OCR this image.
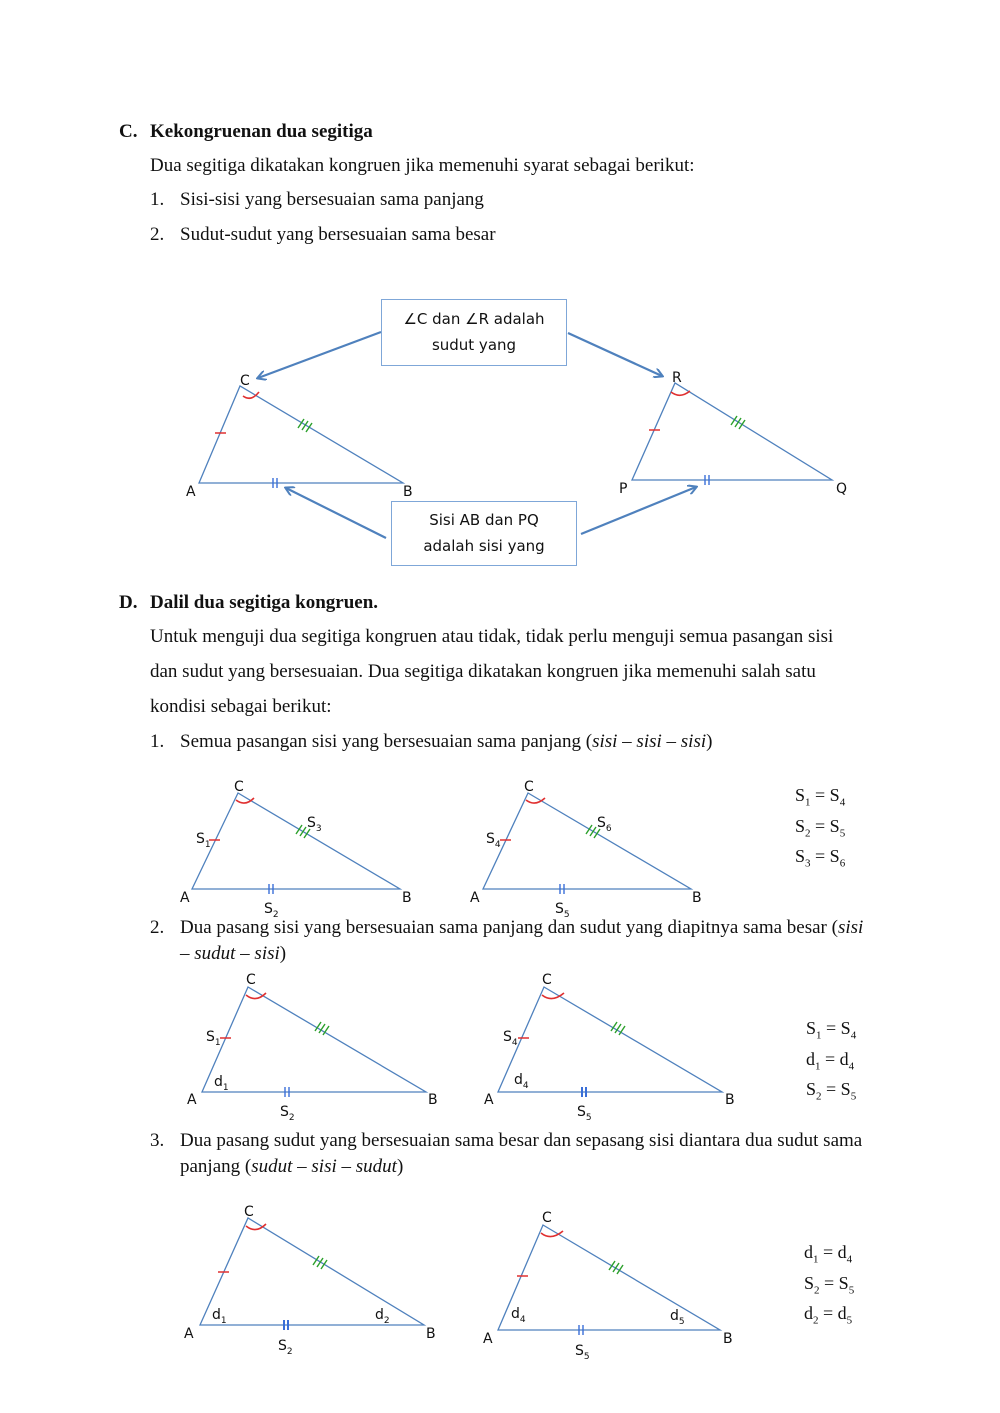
C. Kekongruenan dua segitiga
Dua segitiga dikatakan kongruen jika memenuhi syarat sebagai berikut:
1. Sisi-sisi yang bersesuaian sama panjang
2. Sudut-sudut yang bersesuaian sama besar
∠C dan ∠R adalah
sudut yang
Sisi AB dan PQ
adalah sisi yang
C
A	B
R
P	Q
D. Dalil dua segitiga kongruen.
Untuk menguji dua segitiga kongruen atau tidak, tidak perlu menguji semua pasangan sisi
dan sudut yang bersesuaian. Dua segitiga dikatakan kongruen jika memenuhi salah satu
kondisi sebagai berikut:
1. Semua pasangan sisi yang bersesuaian sama panjang (sisi – sisi – sisi)
C
A	B
$S_1$
$S_3$
$S_2$
C
A	B
$S_4$
$S_6$
$S_5$
$S_1 = S_4$
$S_2 = S_5$
$S_3 = S_6$
2. Dua pasang sisi yang bersesuaian sama panjang dan sudut yang diapitnya sama besar (sisi
– sudut – sisi)
C
A	B
$S_1$
$d_1$
$S_2$
C
A	B
$S_4$
$d_4$
$S_5$
$S_1 = S_4$
$d_1 = d_4$
$S_2 = S_5$
3. Dua pasang sudut yang bersesuaian sama besar dan sepasang sisi diantara dua sudut sama
panjang (sudut – sisi – sudut)
C
A	B
$d_1$	$d_2$
$S_2$
C
A	B
$d_4$	$d_5$
$S_5$
$d_1 = d_4$
$S_2 = S_5$
$d_2 = d_5$
